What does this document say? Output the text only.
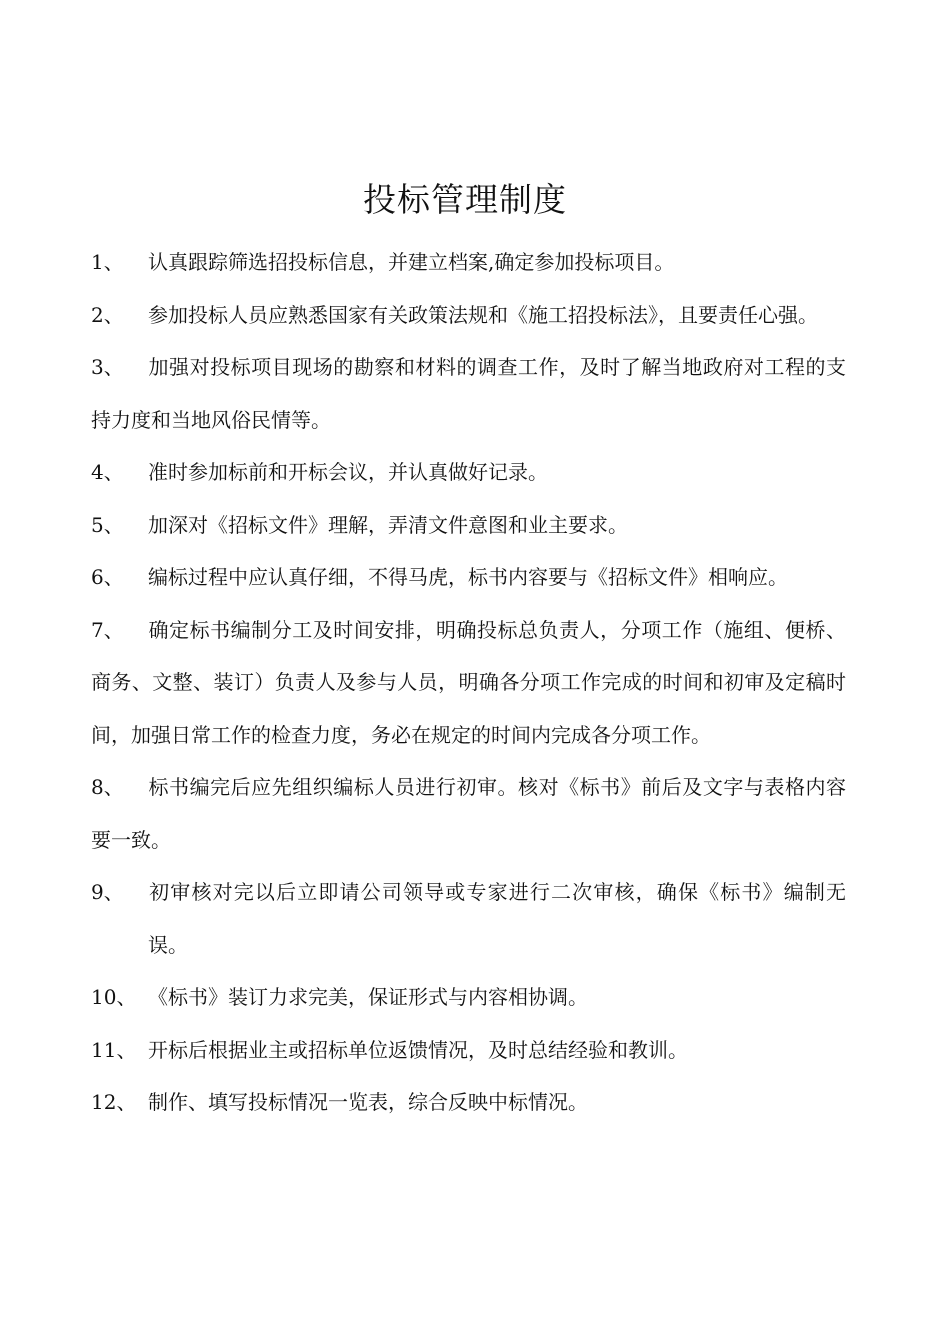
投标管理制度
1、 认真跟踪筛选招投标信息，并建立档案,确定参加投标项目。
2、 参加投标人员应熟悉国家有关政策法规和《施工招投标法》，且要责任心强。
3、 加强对投标项目现场的勘察和材料的调查工作，及时了解当地政府对工程的支持力度和当地风俗民情等。
4、 准时参加标前和开标会议，并认真做好记录。
5、 加深对《招标文件》理解，弄清文件意图和业主要求。
6、 编标过程中应认真仔细，不得马虎，标书内容要与《招标文件》相响应。
7、 确定标书编制分工及时间安排，明确投标总负责人，分项工作（施组、便桥、商务、文整、装订）负责人及参与人员，明确各分项工作完成的时间和初审及定稿时间，加强日常工作的检查力度，务必在规定的时间内完成各分项工作。
8、 标书编完后应先组织编标人员进行初审。核对《标书》前后及文字与表格内容要一致。
9、 初审核对完以后立即请公司领导或专家进行二次审核，确保《标书》编制无误。
10、 《标书》装订力求完美，保证形式与内容相协调。
11、 开标后根据业主或招标单位返馈情况，及时总结经验和教训。
12、 制作、填写投标情况一览表，综合反映中标情况。
